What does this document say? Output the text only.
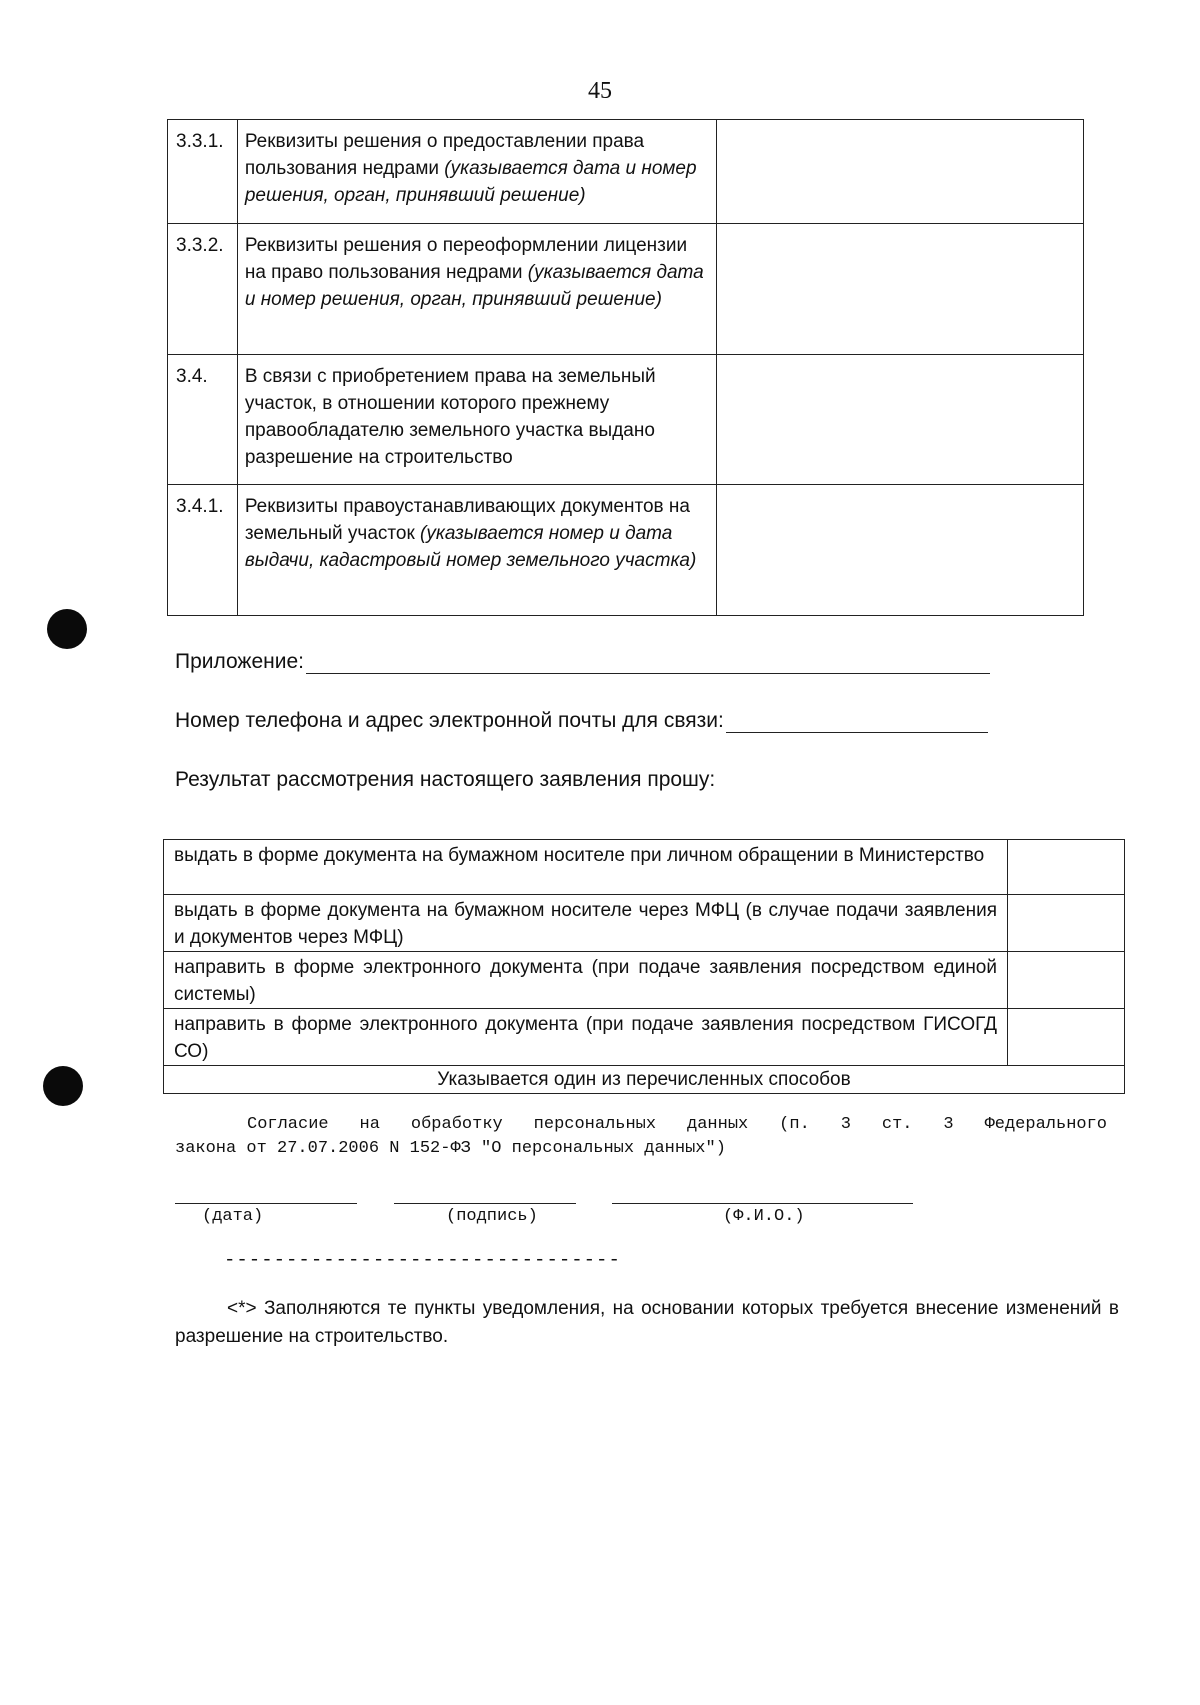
45
3.3.1.	Реквизиты решения о предоставлении права пользования недрами (указывается дата и номер решения, орган, принявший решение)	
3.3.2.	Реквизиты решения о переоформлении лицензии на право пользования недрами (указывается дата и номер решения, орган, принявший решение)	
3.4.	В связи с приобретением права на земельный участок, в отношении которого прежнему правообладателю земельного участка выдано разрешение на строительство	
3.4.1.	Реквизиты правоустанавливающих документов на земельный участок (указывается номер и дата выдачи, кадастровый номер земельного участка)	
Приложение:
Номер телефона и адрес электронной почты для связи:
Результат рассмотрения настоящего заявления прошу:
выдать в форме документа на бумажном носителе при личном обращении в Министерство	
выдать в форме документа на бумажном носителе через МФЦ (в случае подачи заявления и документов через МФЦ)	
направить в форме электронного документа (при подаче заявления посредством единой системы)	
направить в форме электронного документа (при подаче заявления посредством ГИСОГД СО)	
Указывается один из перечисленных способов	
Согласие на обработку персональных данных (п. 3 ст. 3 Федерального
закона от 27.07.2006 N 152-ФЗ "О персональных данных")
(дата)	(подпись)	(Ф.И.О.)
--------------------------------
<*> Заполняются те пункты уведомления, на основании которых требуется внесение изменений в разрешение на строительство.
